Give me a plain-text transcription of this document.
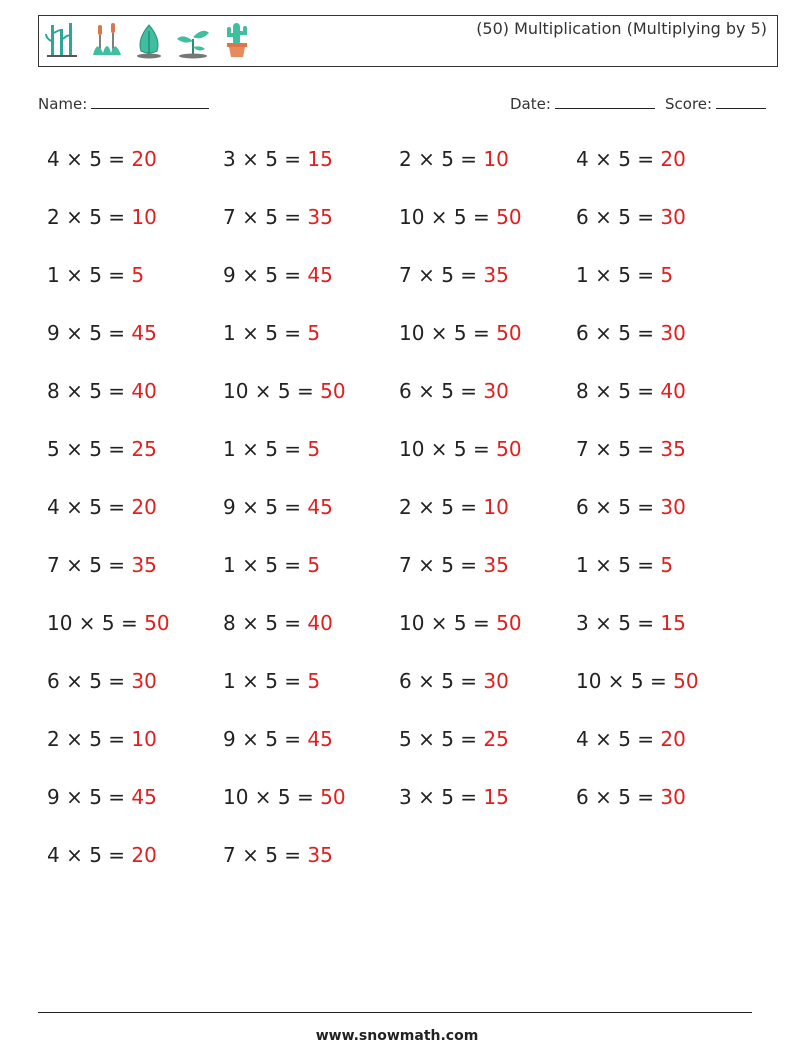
(50) Multiplication (Multiplying by 5)
Name:	Date:	Score:
4 × 5 = 20	3 × 5 = 15	2 × 5 = 10	4 × 5 = 20
2 × 5 = 10	7 × 5 = 35	10 × 5 = 50	6 × 5 = 30
1 × 5 = 5	9 × 5 = 45	7 × 5 = 35	1 × 5 = 5
9 × 5 = 45	1 × 5 = 5	10 × 5 = 50	6 × 5 = 30
8 × 5 = 40	10 × 5 = 50	6 × 5 = 30	8 × 5 = 40
5 × 5 = 25	1 × 5 = 5	10 × 5 = 50	7 × 5 = 35
4 × 5 = 20	9 × 5 = 45	2 × 5 = 10	6 × 5 = 30
7 × 5 = 35	1 × 5 = 5	7 × 5 = 35	1 × 5 = 5
10 × 5 = 50	8 × 5 = 40	10 × 5 = 50	3 × 5 = 15
6 × 5 = 30	1 × 5 = 5	6 × 5 = 30	10 × 5 = 50
2 × 5 = 10	9 × 5 = 45	5 × 5 = 25	4 × 5 = 20
9 × 5 = 45	10 × 5 = 50	3 × 5 = 15	6 × 5 = 30
4 × 5 = 20	7 × 5 = 35
www.snowmath.com
